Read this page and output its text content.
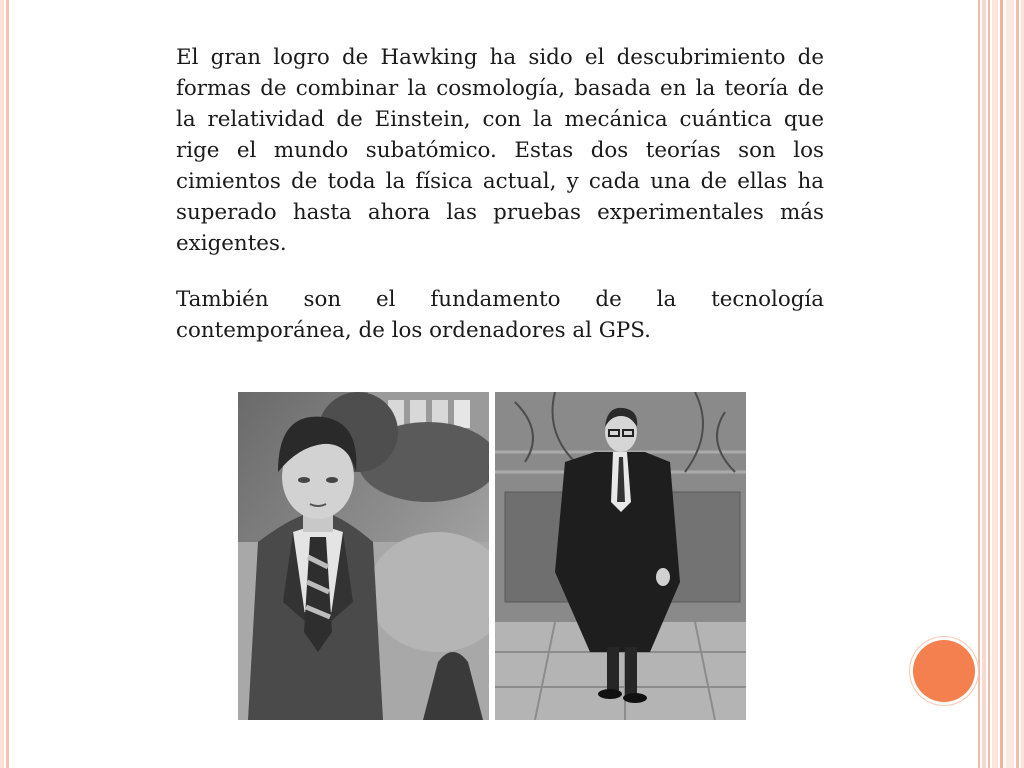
El gran logro de Hawking ha sido el descubrimiento de formas de combinar la cosmología, basada en la teoría de la relatividad de Einstein, con la mecánica cuántica que rige el mundo subatómico. Estas dos teorías son los cimientos de toda la física actual, y cada una de ellas ha superado hasta ahora las pruebas experimentales más exigentes.

También son el fundamento de la tecnología contemporánea, de los ordenadores al GPS.
